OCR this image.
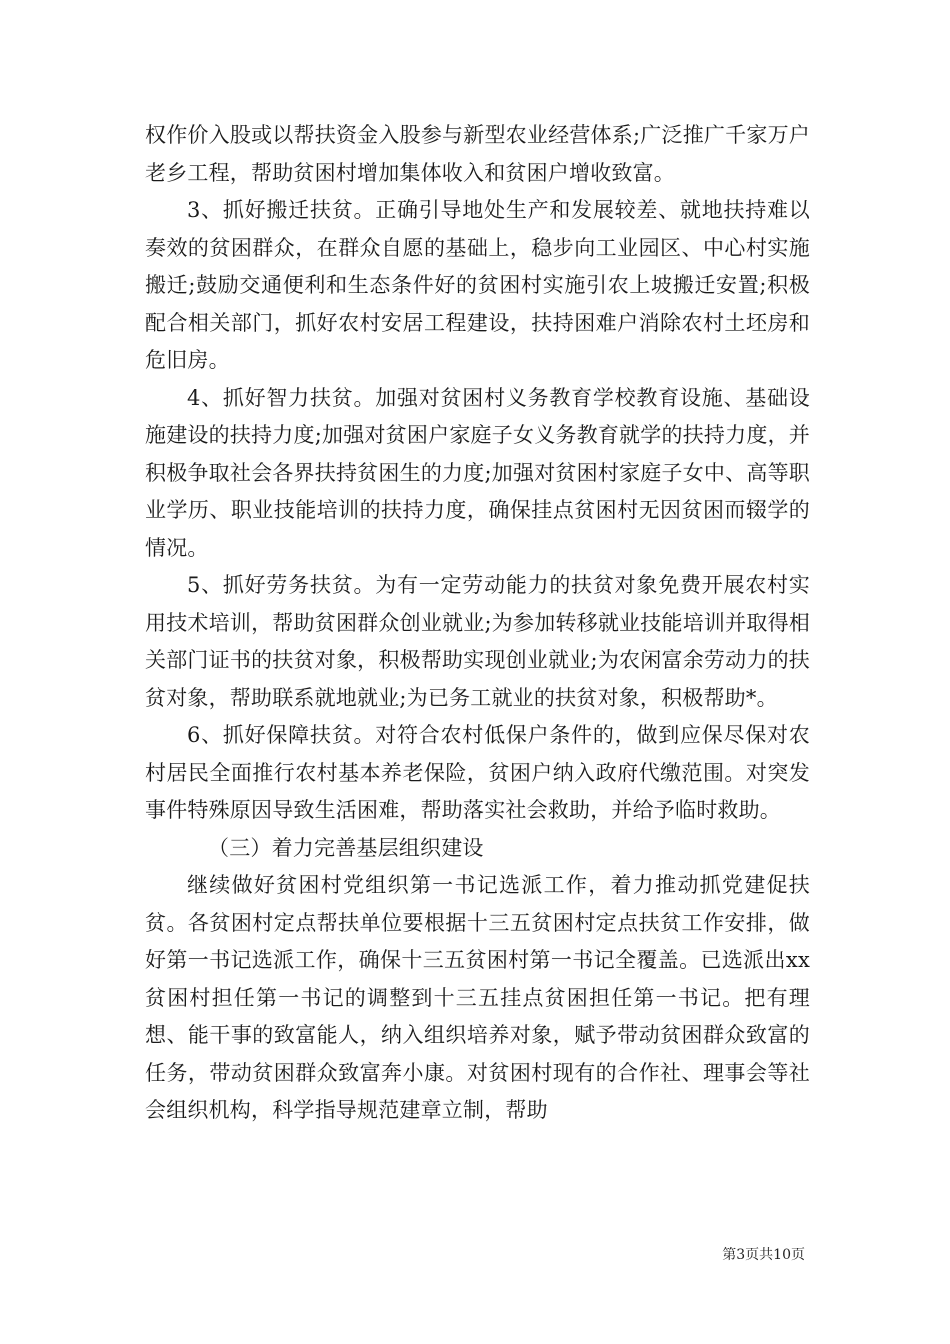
权作价入股或以帮扶资金入股参与新型农业经营体系;广泛推广千家万户老乡工程，帮助贫困村增加集体收入和贫困户增收致富。

3、抓好搬迁扶贫。正确引导地处生产和发展较差、就地扶持难以奏效的贫困群众，在群众自愿的基础上，稳步向工业园区、中心村实施搬迁;鼓励交通便利和生态条件好的贫困村实施引农上坡搬迁安置;积极配合相关部门，抓好农村安居工程建设，扶持困难户消除农村土坯房和危旧房。

4、抓好智力扶贫。加强对贫困村义务教育学校教育设施、基础设施建设的扶持力度;加强对贫困户家庭子女义务教育就学的扶持力度，并积极争取社会各界扶持贫困生的力度;加强对贫困村家庭子女中、高等职业学历、职业技能培训的扶持力度，确保挂点贫困村无因贫困而辍学的情况。

5、抓好劳务扶贫。为有一定劳动能力的扶贫对象免费开展农村实用技术培训，帮助贫困群众创业就业;为参加转移就业技能培训并取得相关部门证书的扶贫对象，积极帮助实现创业就业;为农闲富余劳动力的扶贫对象，帮助联系就地就业;为已务工就业的扶贫对象，积极帮助*。

6、抓好保障扶贫。对符合农村低保户条件的，做到应保尽保对农村居民全面推行农村基本养老保险，贫困户纳入政府代缴范围。对突发事件特殊原因导致生活困难，帮助落实社会救助，并给予临时救助。

（三）着力完善基层组织建设

继续做好贫困村党组织第一书记选派工作，着力推动抓党建促扶贫。各贫困村定点帮扶单位要根据十三五贫困村定点扶贫工作安排，做好第一书记选派工作，确保十三五贫困村第一书记全覆盖。已选派出xx贫困村担任第一书记的调整到十三五挂点贫困担任第一书记。把有理想、能干事的致富能人，纳入组织培养对象，赋予带动贫困群众致富的任务，带动贫困群众致富奔小康。对贫困村现有的合作社、理事会等社会组织机构，科学指导规范建章立制，帮助

第3页共10页
